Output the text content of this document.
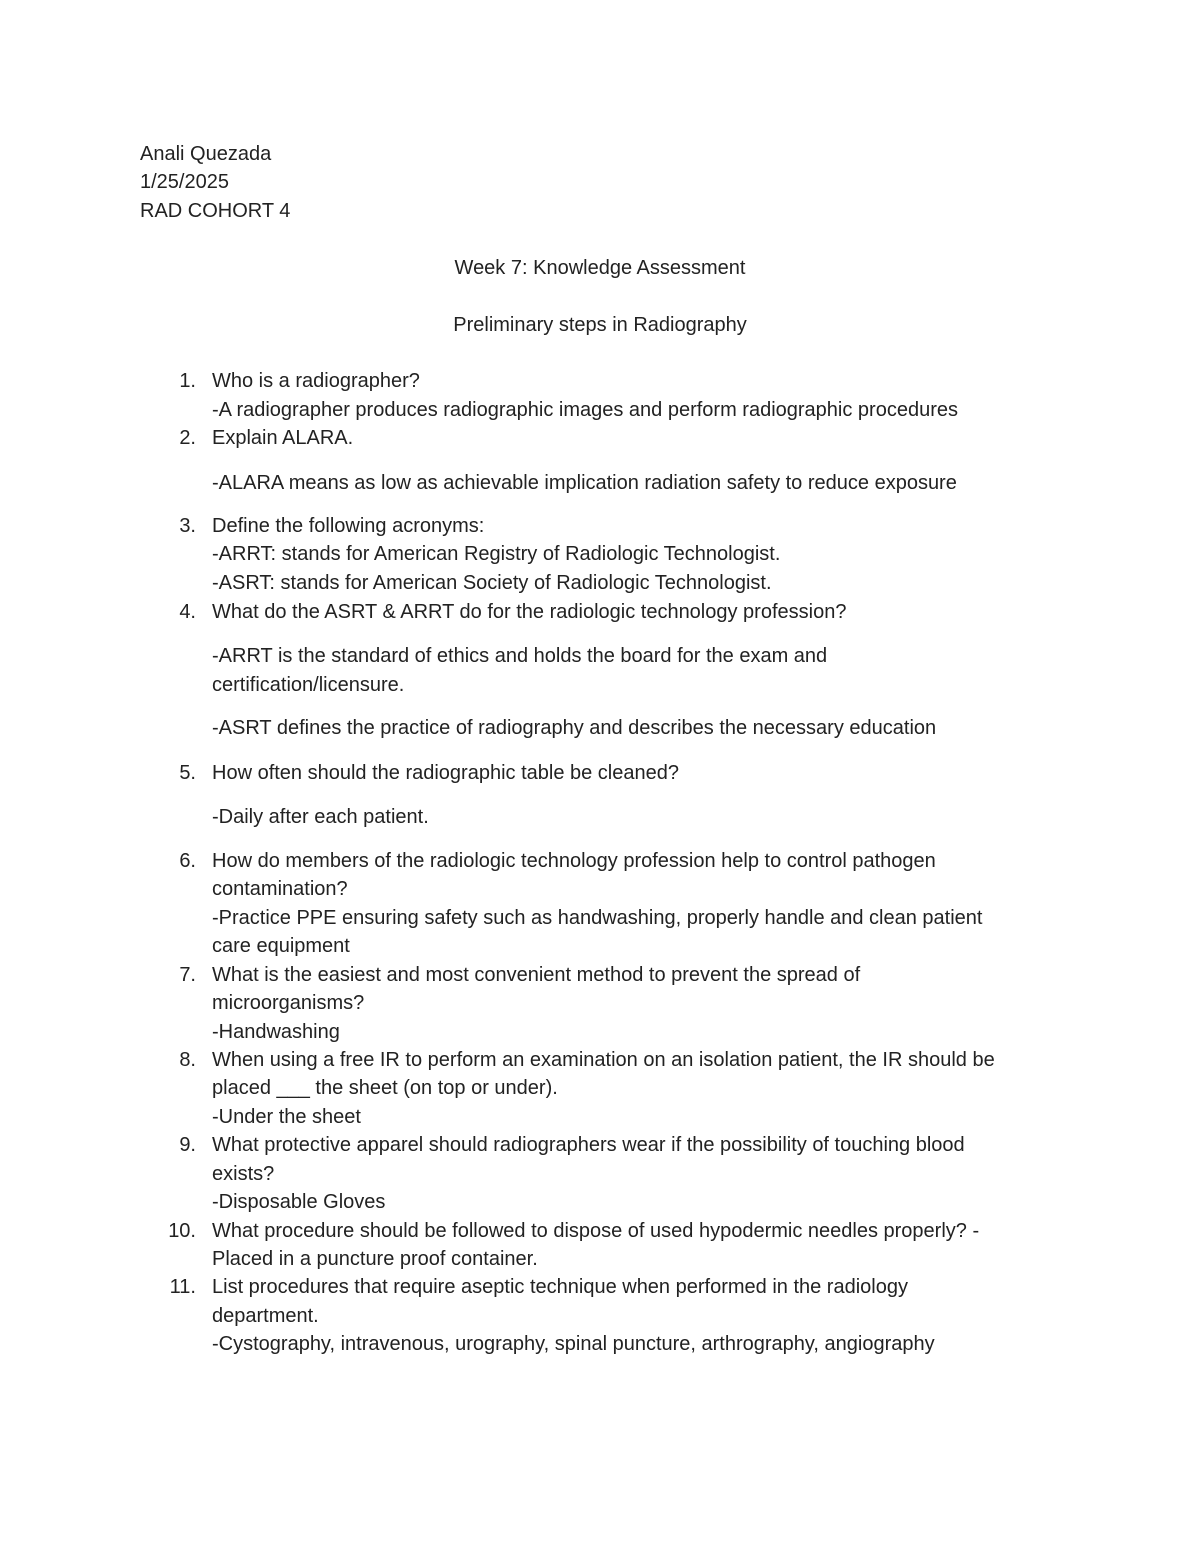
Anali Quezada
1/25/2025
RAD COHORT 4
Week 7: Knowledge Assessment
Preliminary steps in Radiography
1. Who is a radiographer?
-A radiographer produces radiographic images and perform radiographic procedures
2. Explain ALARA.
-ALARA means as low as achievable implication radiation safety to reduce exposure
3. Define the following acronyms:
-ARRT: stands for American Registry of Radiologic Technologist.
-ASRT: stands for American Society of Radiologic Technologist.
4. What do the ASRT & ARRT do for the radiologic technology profession?
-ARRT is the standard of ethics and holds the board for the exam and
certification/licensure.
-ASRT defines the practice of radiography and describes the necessary education
5. How often should the radiographic table be cleaned?
-Daily after each patient.
6. How do members of the radiologic technology profession help to control pathogen
contamination?
-Practice PPE ensuring safety such as handwashing, properly handle and clean patient
care equipment
7. What is the easiest and most convenient method to prevent the spread of
microorganisms?
-Handwashing
8. When using a free IR to perform an examination on an isolation patient, the IR should be
placed ___ the sheet (on top or under).
-Under the sheet
9. What protective apparel should radiographers wear if the possibility of touching blood
exists?
-Disposable Gloves
10. What procedure should be followed to dispose of used hypodermic needles properly? -
Placed in a puncture proof container.
11. List procedures that require aseptic technique when performed in the radiology
department.
-Cystography, intravenous, urography, spinal puncture, arthrography, angiography
